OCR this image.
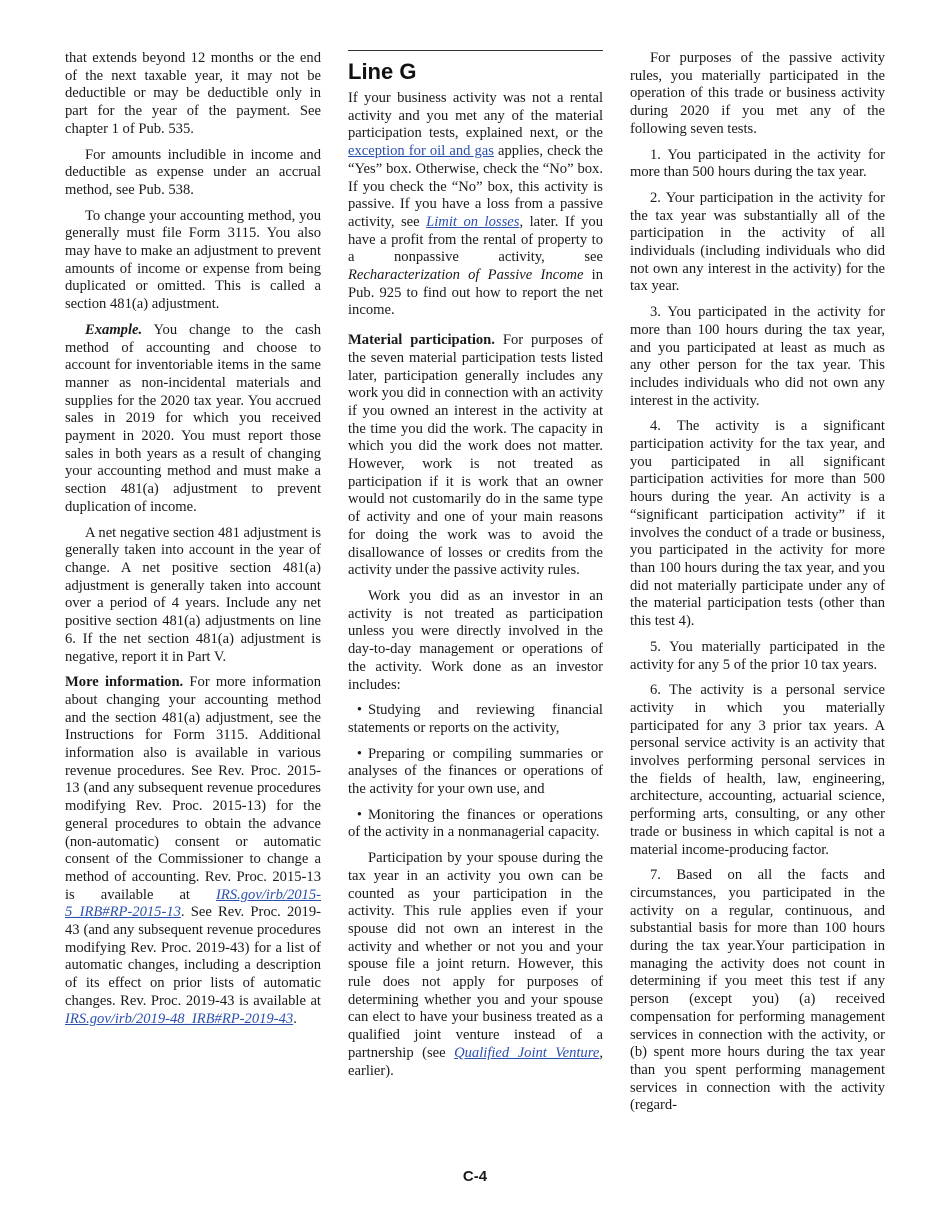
that extends beyond 12 months or the end of the next taxable year, it may not be deductible or may be deductible only in part for the year of the payment. See chapter 1 of Pub. 535.

For amounts includible in income and deductible as expense under an accrual method, see Pub. 538.

To change your accounting method, you generally must file Form 3115. You also may have to make an adjustment to prevent amounts of income or expense from being duplicated or omitted. This is called a section 481(a) adjustment.

Example. You change to the cash method of accounting and choose to account for inventoriable items in the same manner as non-incidental materials and supplies for the 2020 tax year. You accrued sales in 2019 for which you received payment in 2020. You must report those sales in both years as a result of changing your accounting method and must make a section 481(a) adjustment to prevent duplication of income.

A net negative section 481 adjustment is generally taken into account in the year of change. A net positive section 481(a) adjustment is generally taken into account over a period of 4 years. Include any net positive section 481(a) adjustments on line 6. If the net section 481(a) adjustment is negative, report it in Part V.

More information. For more information about changing your accounting method and the section 481(a) adjustment, see the Instructions for Form 3115. Additional information also is available in various revenue procedures. See Rev. Proc. 2015-13 (and any subsequent revenue procedures modifying Rev. Proc. 2015-13) for the general procedures to obtain the advance (non-automatic) consent or automatic consent of the Commissioner to change a method of accounting. Rev. Proc. 2015-13 is available at IRS.gov/irb/2015-5_IRB#RP-2015-13. See Rev. Proc. 2019-43 (and any subsequent revenue procedures modifying Rev. Proc. 2019-43) for a list of automatic changes, including a description of its effect on prior lists of automatic changes. Rev. Proc. 2019-43 is available at IRS.gov/irb/2019-48_IRB#RP-2019-43.

Line G

If your business activity was not a rental activity and you met any of the material participation tests, explained next, or the exception for oil and gas applies, check the “Yes” box. Otherwise, check the “No” box. If you check the “No” box, this activity is passive. If you have a loss from a passive activity, see Limit on losses, later. If you have a profit from the rental of property to a nonpassive activity, see Recharacterization of Passive Income in Pub. 925 to find out how to report the net income.

Material participation. For purposes of the seven material participation tests listed later, participation generally includes any work you did in connection with an activity if you owned an interest in the activity at the time you did the work. The capacity in which you did the work does not matter. However, work is not treated as participation if it is work that an owner would not customarily do in the same type of activity and one of your main reasons for doing the work was to avoid the disallowance of losses or credits from the activity under the passive activity rules.

Work you did as an investor in an activity is not treated as participation unless you were directly involved in the day-to-day management or operations of the activity. Work done as an investor includes:

• Studying and reviewing financial statements or reports on the activity,

• Preparing or compiling summaries or analyses of the finances or operations of the activity for your own use, and

• Monitoring the finances or operations of the activity in a nonmanagerial capacity.

Participation by your spouse during the tax year in an activity you own can be counted as your participation in the activity. This rule applies even if your spouse did not own an interest in the activity and whether or not you and your spouse file a joint return. However, this rule does not apply for purposes of determining whether you and your spouse can elect to have your business treated as a qualified joint venture instead of a partnership (see Qualified Joint Venture, earlier).

For purposes of the passive activity rules, you materially participated in the operation of this trade or business activity during 2020 if you met any of the following seven tests.

1. You participated in the activity for more than 500 hours during the tax year.

2. Your participation in the activity for the tax year was substantially all of the participation in the activity of all individuals (including individuals who did not own any interest in the activity) for the tax year.

3. You participated in the activity for more than 100 hours during the tax year, and you participated at least as much as any other person for the tax year. This includes individuals who did not own any interest in the activity.

4. The activity is a significant participation activity for the tax year, and you participated in all significant participation activities for more than 500 hours during the year. An activity is a “significant participation activity” if it involves the conduct of a trade or business, you participated in the activity for more than 100 hours during the tax year, and you did not materially participate under any of the material participation tests (other than this test 4).

5. You materially participated in the activity for any 5 of the prior 10 tax years.

6. The activity is a personal service activity in which you materially participated for any 3 prior tax years. A personal service activity is an activity that involves performing personal services in the fields of health, law, engineering, architecture, accounting, actuarial science, performing arts, consulting, or any other trade or business in which capital is not a material income-producing factor.

7. Based on all the facts and circumstances, you participated in the activity on a regular, continuous, and substantial basis for more than 100 hours during the tax year.Your participation in managing the activity does not count in determining if you meet this test if any person (except you) (a) received compensation for performing management services in connection with the activity, or (b) spent more hours during the tax year than you spent performing management services in connection with the activity (regard-

C-4
